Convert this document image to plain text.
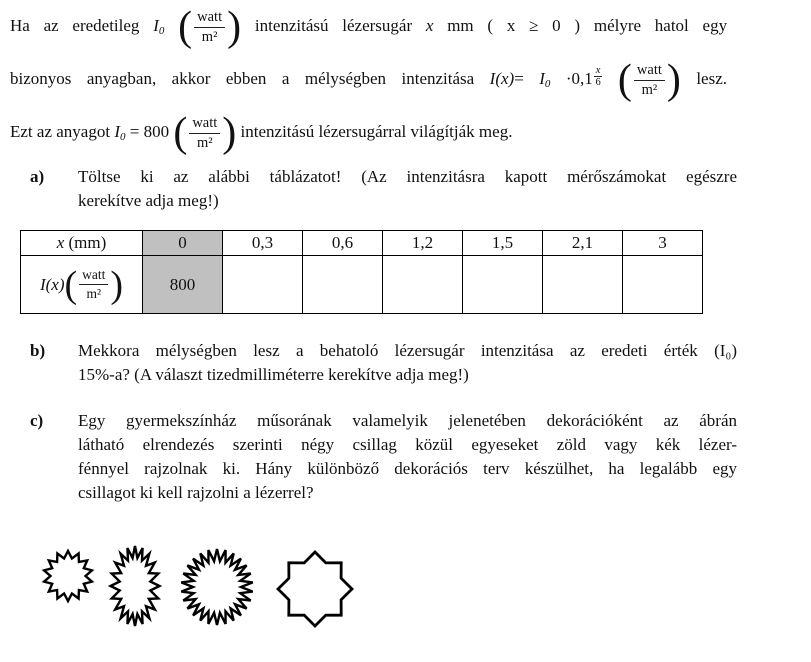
Ha az eredetileg I0 ( $\frac{\text{watt}}{\text{m²}}$ ) intenzitású lézersugár x mm ( x ≥ 0 ) mélyre hatol egy
bizonyos anyagban, akkor ebben a mélységben intenzitása $I(x)= I0 \cdot 0,1 \frac{x}{6}$
( $\frac{\text{watt}}{\text{m²}}$ ) lesz.
Ezt az anyagot I0 = 800 ( $\frac{\text{watt}}{\text{m²}}$ ) intenzitású lézersugárral világítják meg.
a)	Töltse ki az alábbi táblázatot! (Az intenzitásra kapott mérőszámokat egészre
kerekítve adja meg!)
x (mm)	0	0,3	0,6	1,2	1,5	2,1	3

I(x) ( $\frac{\text{watt}}{\text{m²}}$ )	800						
b)	Mekkora mélységben lesz a behatoló lézersugár intenzitása az eredeti érték (I₀)
15%-a? (A választ tizedmilliméterre kerekítve adja meg!)
c)	Egy gyermekszínház műsorának valamelyik jelenetében dekorációként az ábrán
látható elrendezés szerinti négy csillag közül egyeseket zöld vagy kék lézer-
fénnyel rajzolnak ki. Hány különböző dekorációs terv készülhet, ha legalább egy
csillagot ki kell rajzolni a lézerrel?
